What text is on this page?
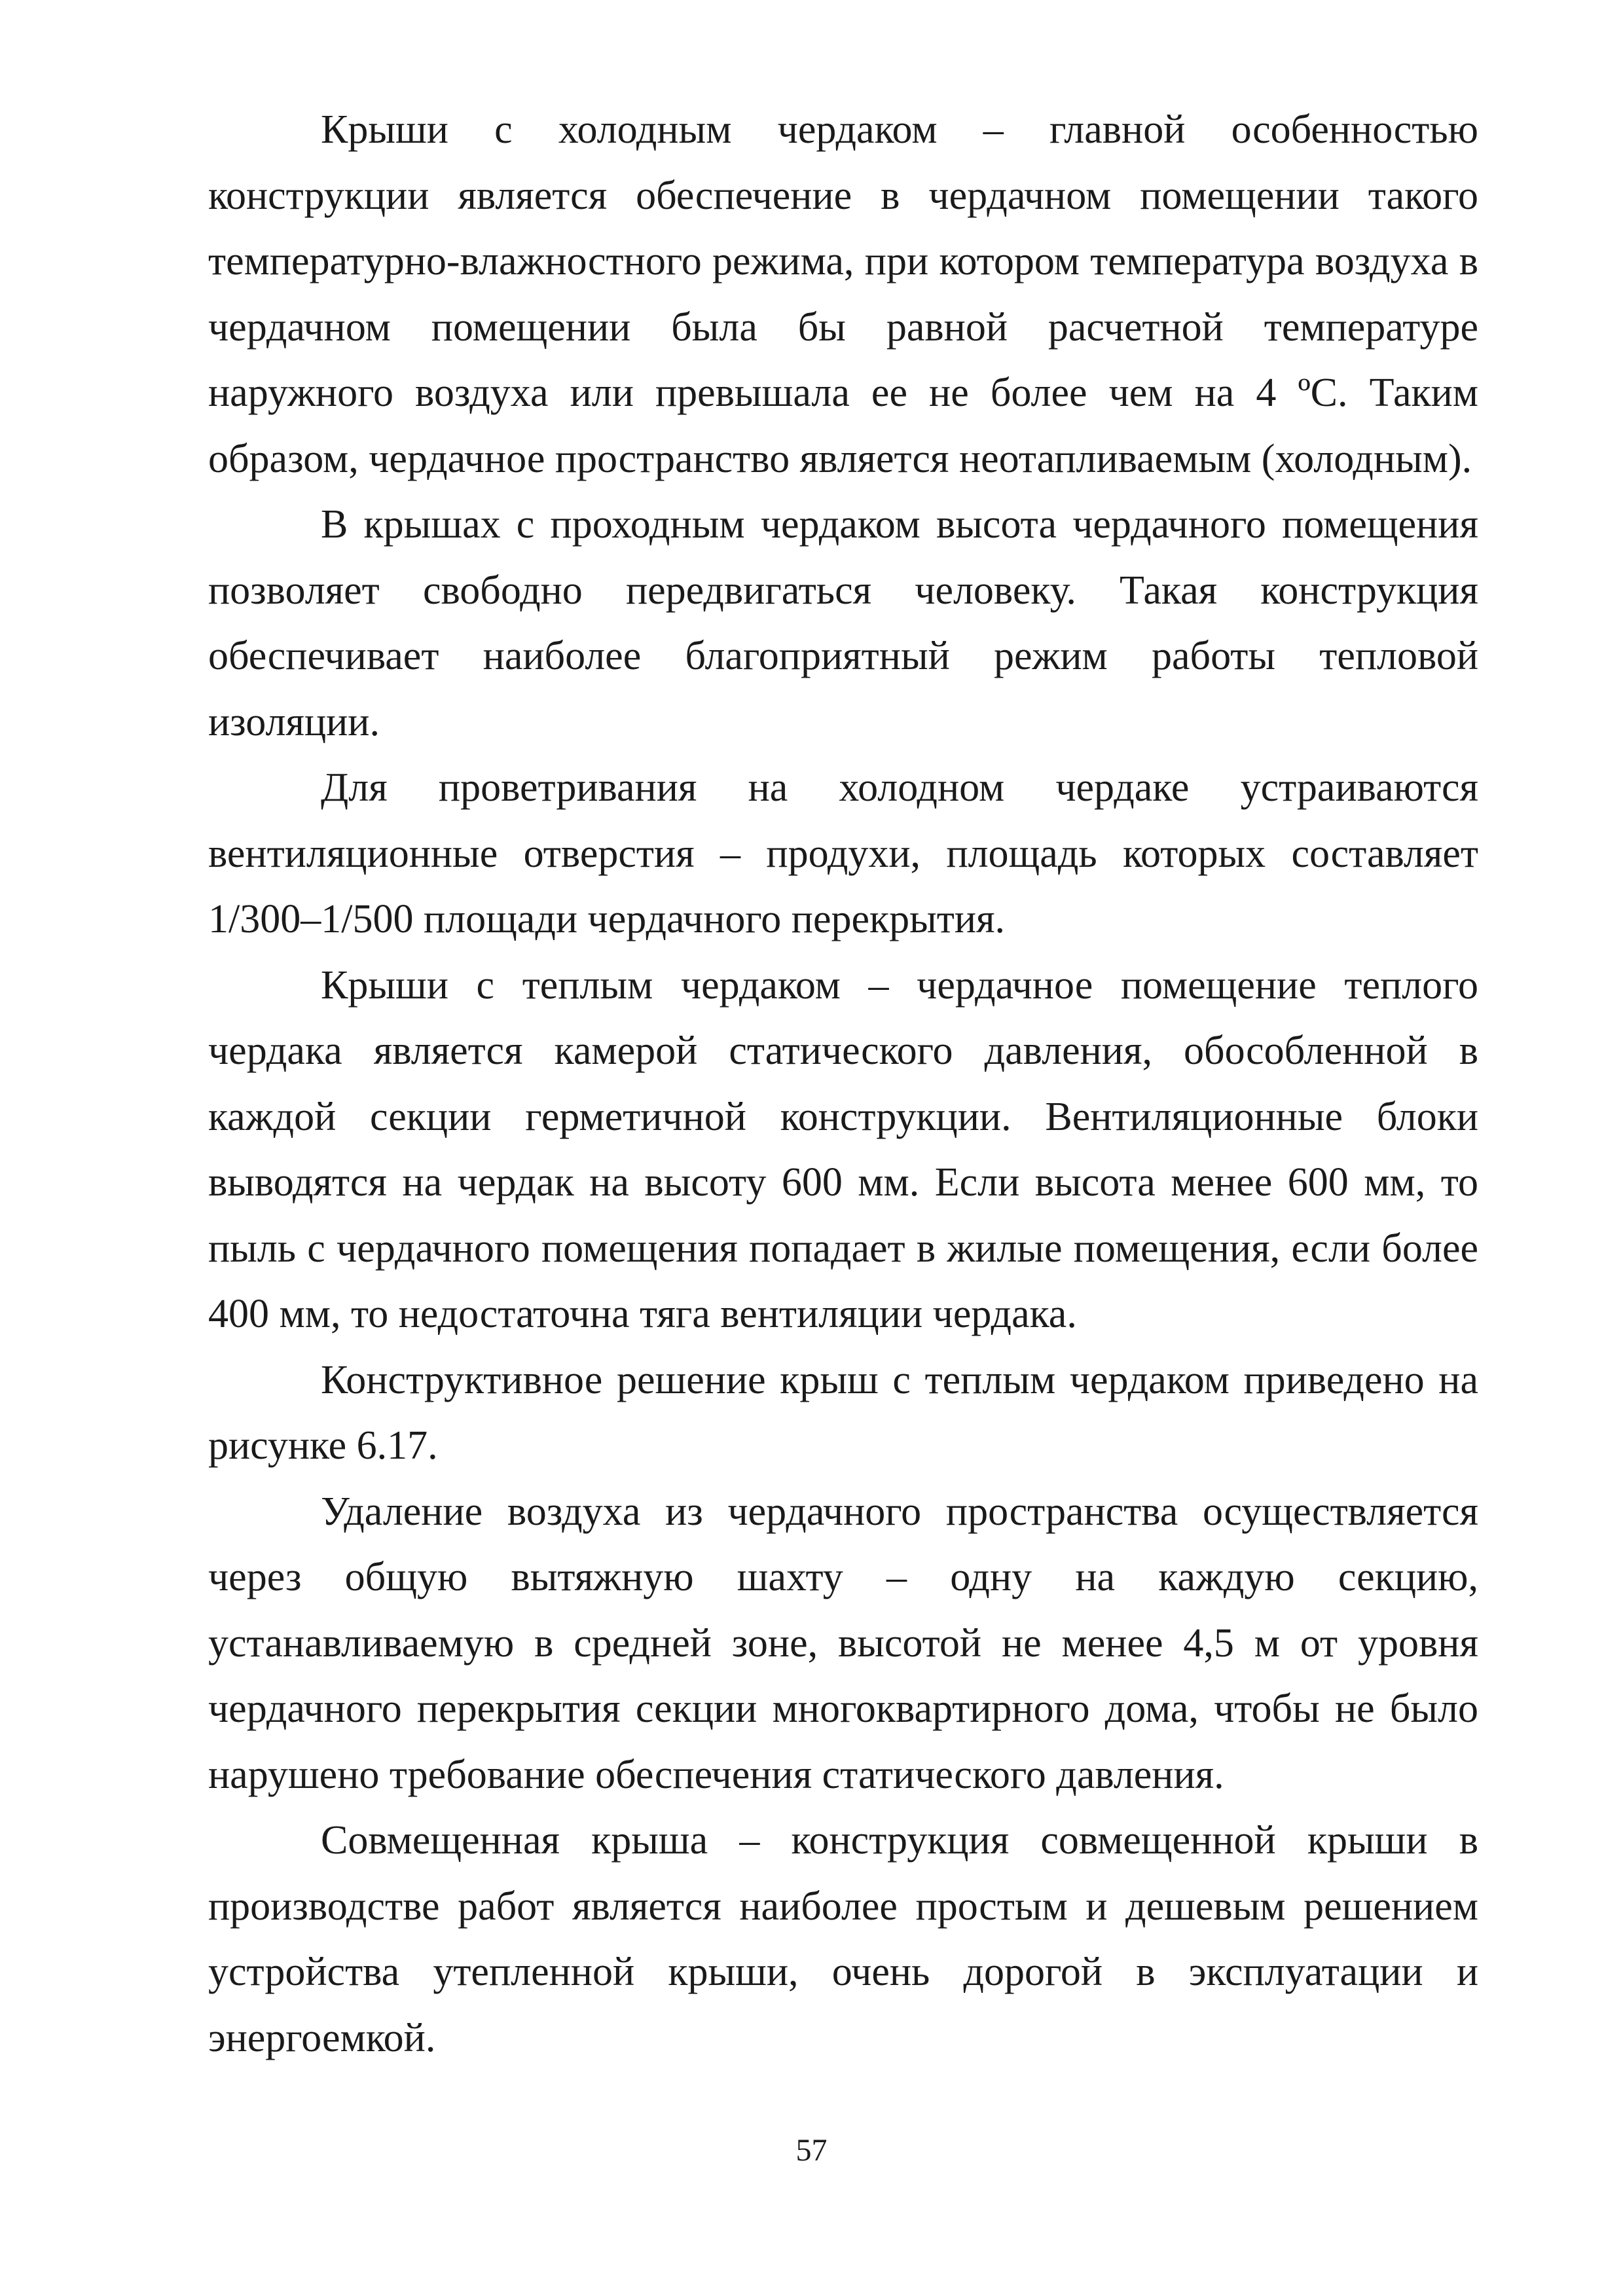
Крыши с холодным чердаком – главной особенностью конструкции является обеспечение в чердачном помещении такого температурно-влажностного режима, при котором температура воздуха в чердачном помещении была бы равной расчетной температуре наружного воздуха или превышала ее не более чем на 4 ºС. Таким образом, чердачное пространство является неотапливаемым (холодным).

В крышах с проходным чердаком высота чердачного помещения позволяет свободно передвигаться человеку. Такая конструкция обеспечивает наиболее благоприятный режим работы тепловой изоляции.

Для проветривания на холодном чердаке устраиваются вентиляционные отверстия – продухи, площадь которых составляет 1/300–1/500 площади чердачного перекрытия.

Крыши с теплым чердаком – чердачное помещение теплого чердака является камерой статического давления, обособленной в каждой секции герметичной конструкции. Вентиляционные блоки выводятся на чердак на высоту 600 мм. Если высота менее 600 мм, то пыль с чердачного помещения попадает в жилые помещения, если более 400 мм, то недостаточна тяга вентиляции чердака.

Конструктивное решение крыш с теплым чердаком приведено на рисунке 6.17.

Удаление воздуха из чердачного пространства осуществляется через общую вытяжную шахту – одну на каждую секцию, устанавливаемую в средней зоне, высотой не менее 4,5 м от уровня чердачного перекрытия секции многоквартирного дома, чтобы не было нарушено требование обеспечения статического давления.

Совмещенная крыша – конструкция совмещенной крыши в производстве работ является наиболее простым и дешевым решением устройства утепленной крыши, очень дорогой в эксплуатации и энергоемкой.

57
